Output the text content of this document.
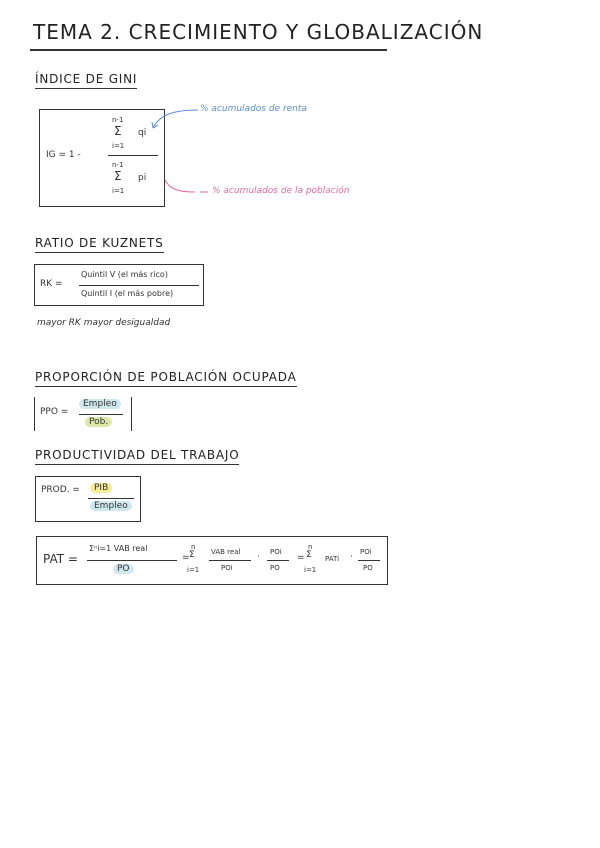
TEMA 2. CRECIMIENTO Y GLOBALIZACIÓN
ÍNDICE DE GINI
IG = 1 -
n-1
Σ
i=1
qi
n-1
Σ
i=1
pi
% acumulados de renta
% acumulados de la población
RATIO DE KUZNETS
RK =
Quintil V (el más rico)
Quintil I (el más pobre)
mayor RK mayor desigualdad
PROPORCIÓN DE POBLACIÓN OCUPADA
PPO =
Empleo
Pob.
PRODUCTIVIDAD DEL TRABAJO
PROD. =	PIB
Empleo
PAT =
Σⁿi=1 VAB real
PO
=
n
Σ
i=1
VAB real
POi
· POi
PO
=
n
Σ
i=1
PATi · POi
PO
